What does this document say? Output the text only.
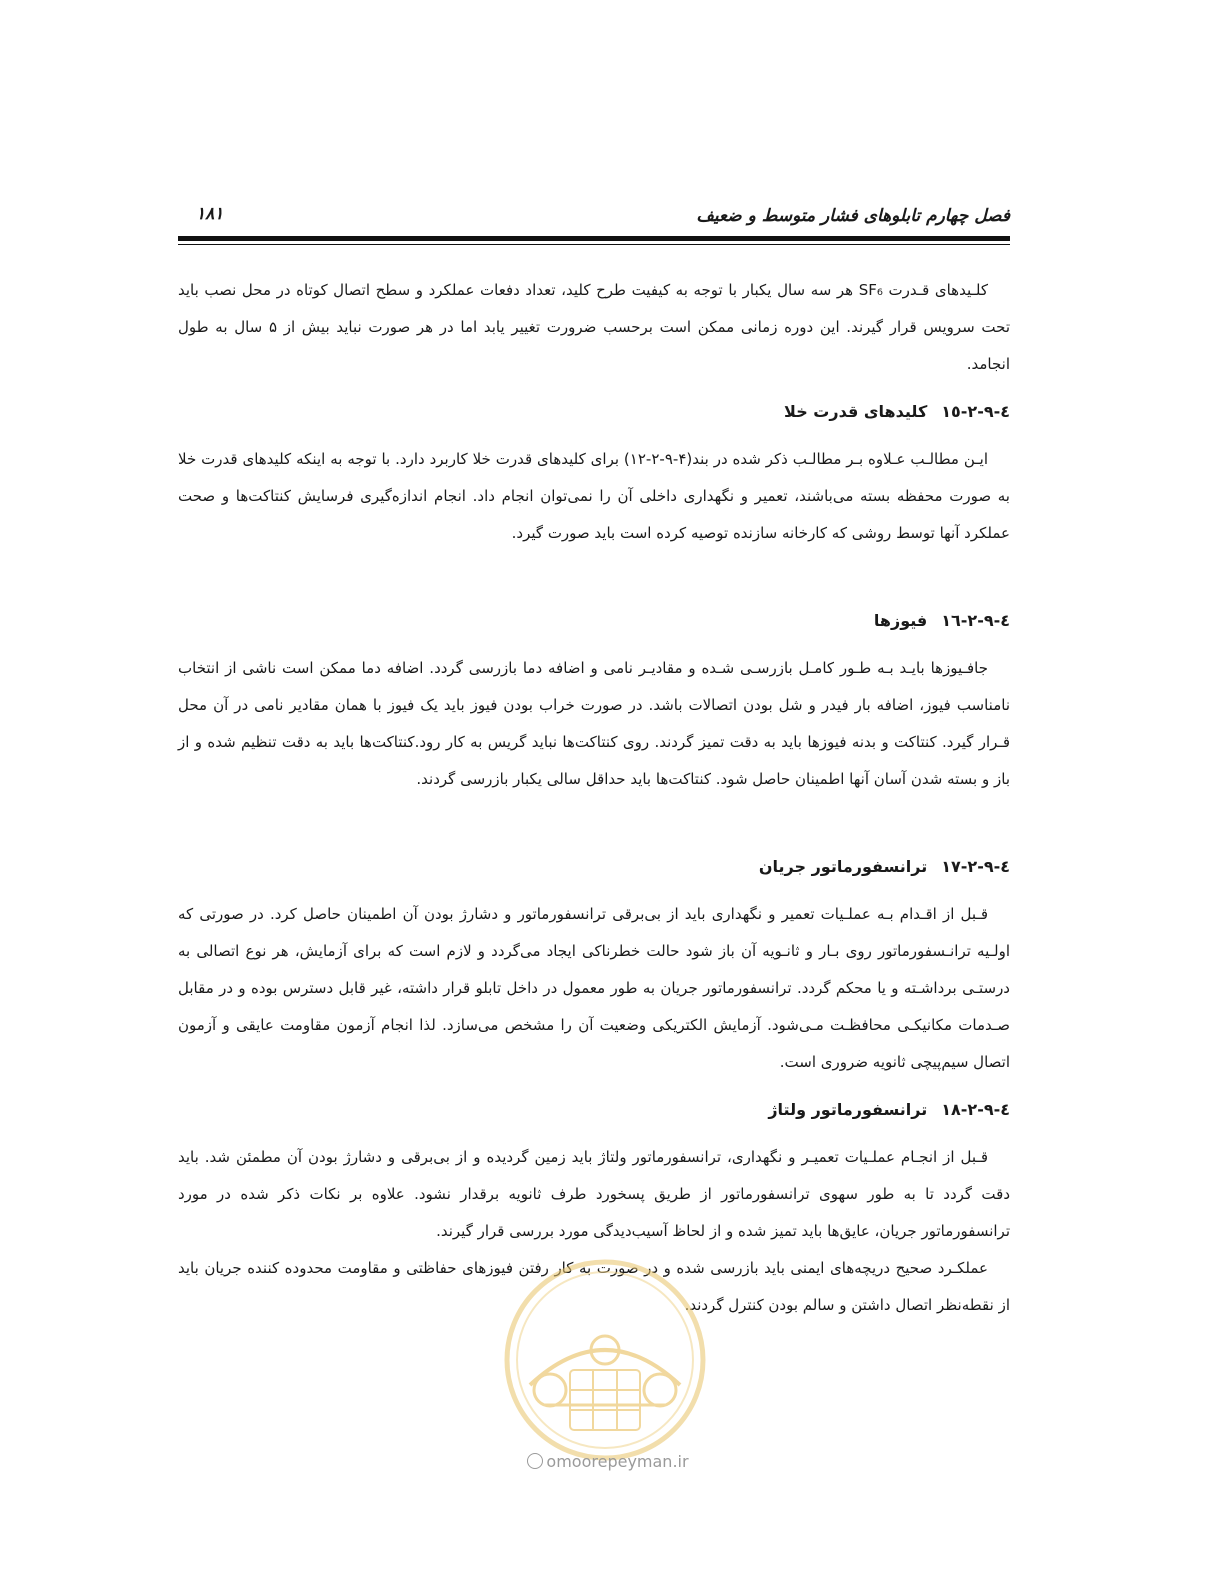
فصل چهارم تابلوهای فشار متوسط و ضعیف
۱۸۱

کلـیدهای قـدرت SF₆ هر سه سال یکبار با توجه به کیفیت طرح کلید، تعداد دفعات عملکرد و سطح اتصال کوتاه در محل نصب باید تحت سرویس قرار گیرند. این دوره زمانی ممکن است برحسب ضرورت تغییر یابد اما در هر صورت نباید بیش از ۵ سال به طول انجامد.

٤-٩-٢-١٥کلیدهای قدرت خلا

ایـن مطالـب عـلاوه بـر مطالـب ذکر شده در بند(۴-۹-۲-۱۲) برای کلیدهای قدرت خلا کاربرد دارد. با توجه به اینکه کلیدهای قدرت خلا به صورت محفظه بسته می‌باشند، تعمیر و نگهداری داخلی آن را نمی‌توان انجام داد. انجام اندازه‌گیری فرسایش کنتاکت‌ها و صحت عملکرد آنها توسط روشی که کارخانه سازنده توصیه کرده است باید صورت گیرد.

٤-٩-٢-١٦فیوزها

جافـیوزها بایـد بـه طـور کامـل بازرسـی شـده و مقادیـر نامی و اضافه دما بازرسی گردد. اضافه دما ممکن است ناشی از انتخاب نامناسب فیوز، اضافه بار فیدر و شل بودن اتصالات باشد. در صورت خراب بودن فیوز باید یک فیوز با همان مقادیر نامی در آن محل قـرار گیرد. کنتاکت و بدنه فیوزها باید به دقت تمیز گردند. روی کنتاکت‌ها نباید گریس به کار رود.کنتاکت‌ها باید به دقت تنظیم شده و از باز و بسته شدن آسان آنها اطمینان حاصل شود. کنتاکت‌ها باید حداقل سالی یکبار بازرسی گردند.

٤-٩-٢-١٧ترانسفورماتور جریان

قـبل از اقـدام بـه عملـیات تعمیر و نگهداری باید از بی‌برقی ترانسفورماتور و دشارژ بودن آن اطمینان حاصل کرد. در صورتی که اولـیه ترانـسفورماتور روی بـار و ثانـویه آن باز شود حالت خطرناکی ایجاد می‌گردد و لازم است که برای آزمایش، هر نوع اتصالی به درستـی برداشـته و یا محکم گردد. ترانسفورماتور جریان به طور معمول در داخل تابلو قرار داشته، غیر قابل دسترس بوده و در مقابل صـدمات مکانیکـی محافظـت مـی‌شود. آزمایش الکتریکی وضعیت آن را مشخص می‌سازد. لذا انجام آزمون مقاومت عایقی و آزمون اتصال سیم‌پیچی ثانویه ضروری است.

٤-٩-٢-١٨ترانسفورماتور ولتاژ

قـبل از انجـام عملـیات تعمیـر و نگهداری، ترانسفورماتور ولتاژ باید زمین گردیده و از بی‌برقی و دشارژ بودن آن مطمئن شد. باید دقت گردد تا به طور سهوی ترانسفورماتور از طریق پسخورد طرف ثانویه برقدار نشود. علاوه بر نکات ذکر شده در مورد ترانسفورماتور جریان، عایق‌ها باید تمیز شده و از لحاظ آسیب‌دیدگی مورد بررسی قرار گیرند.

عملکـرد صحیح دریچه‌های ایمنی باید بازرسی شده و در صورت به کار رفتن فیوزهای حفاظتی و مقاومت محدوده کننده جریان باید از نقطه‌نظر اتصال داشتن و سالم بودن کنترل گردند.

omoorepeyman.ir
